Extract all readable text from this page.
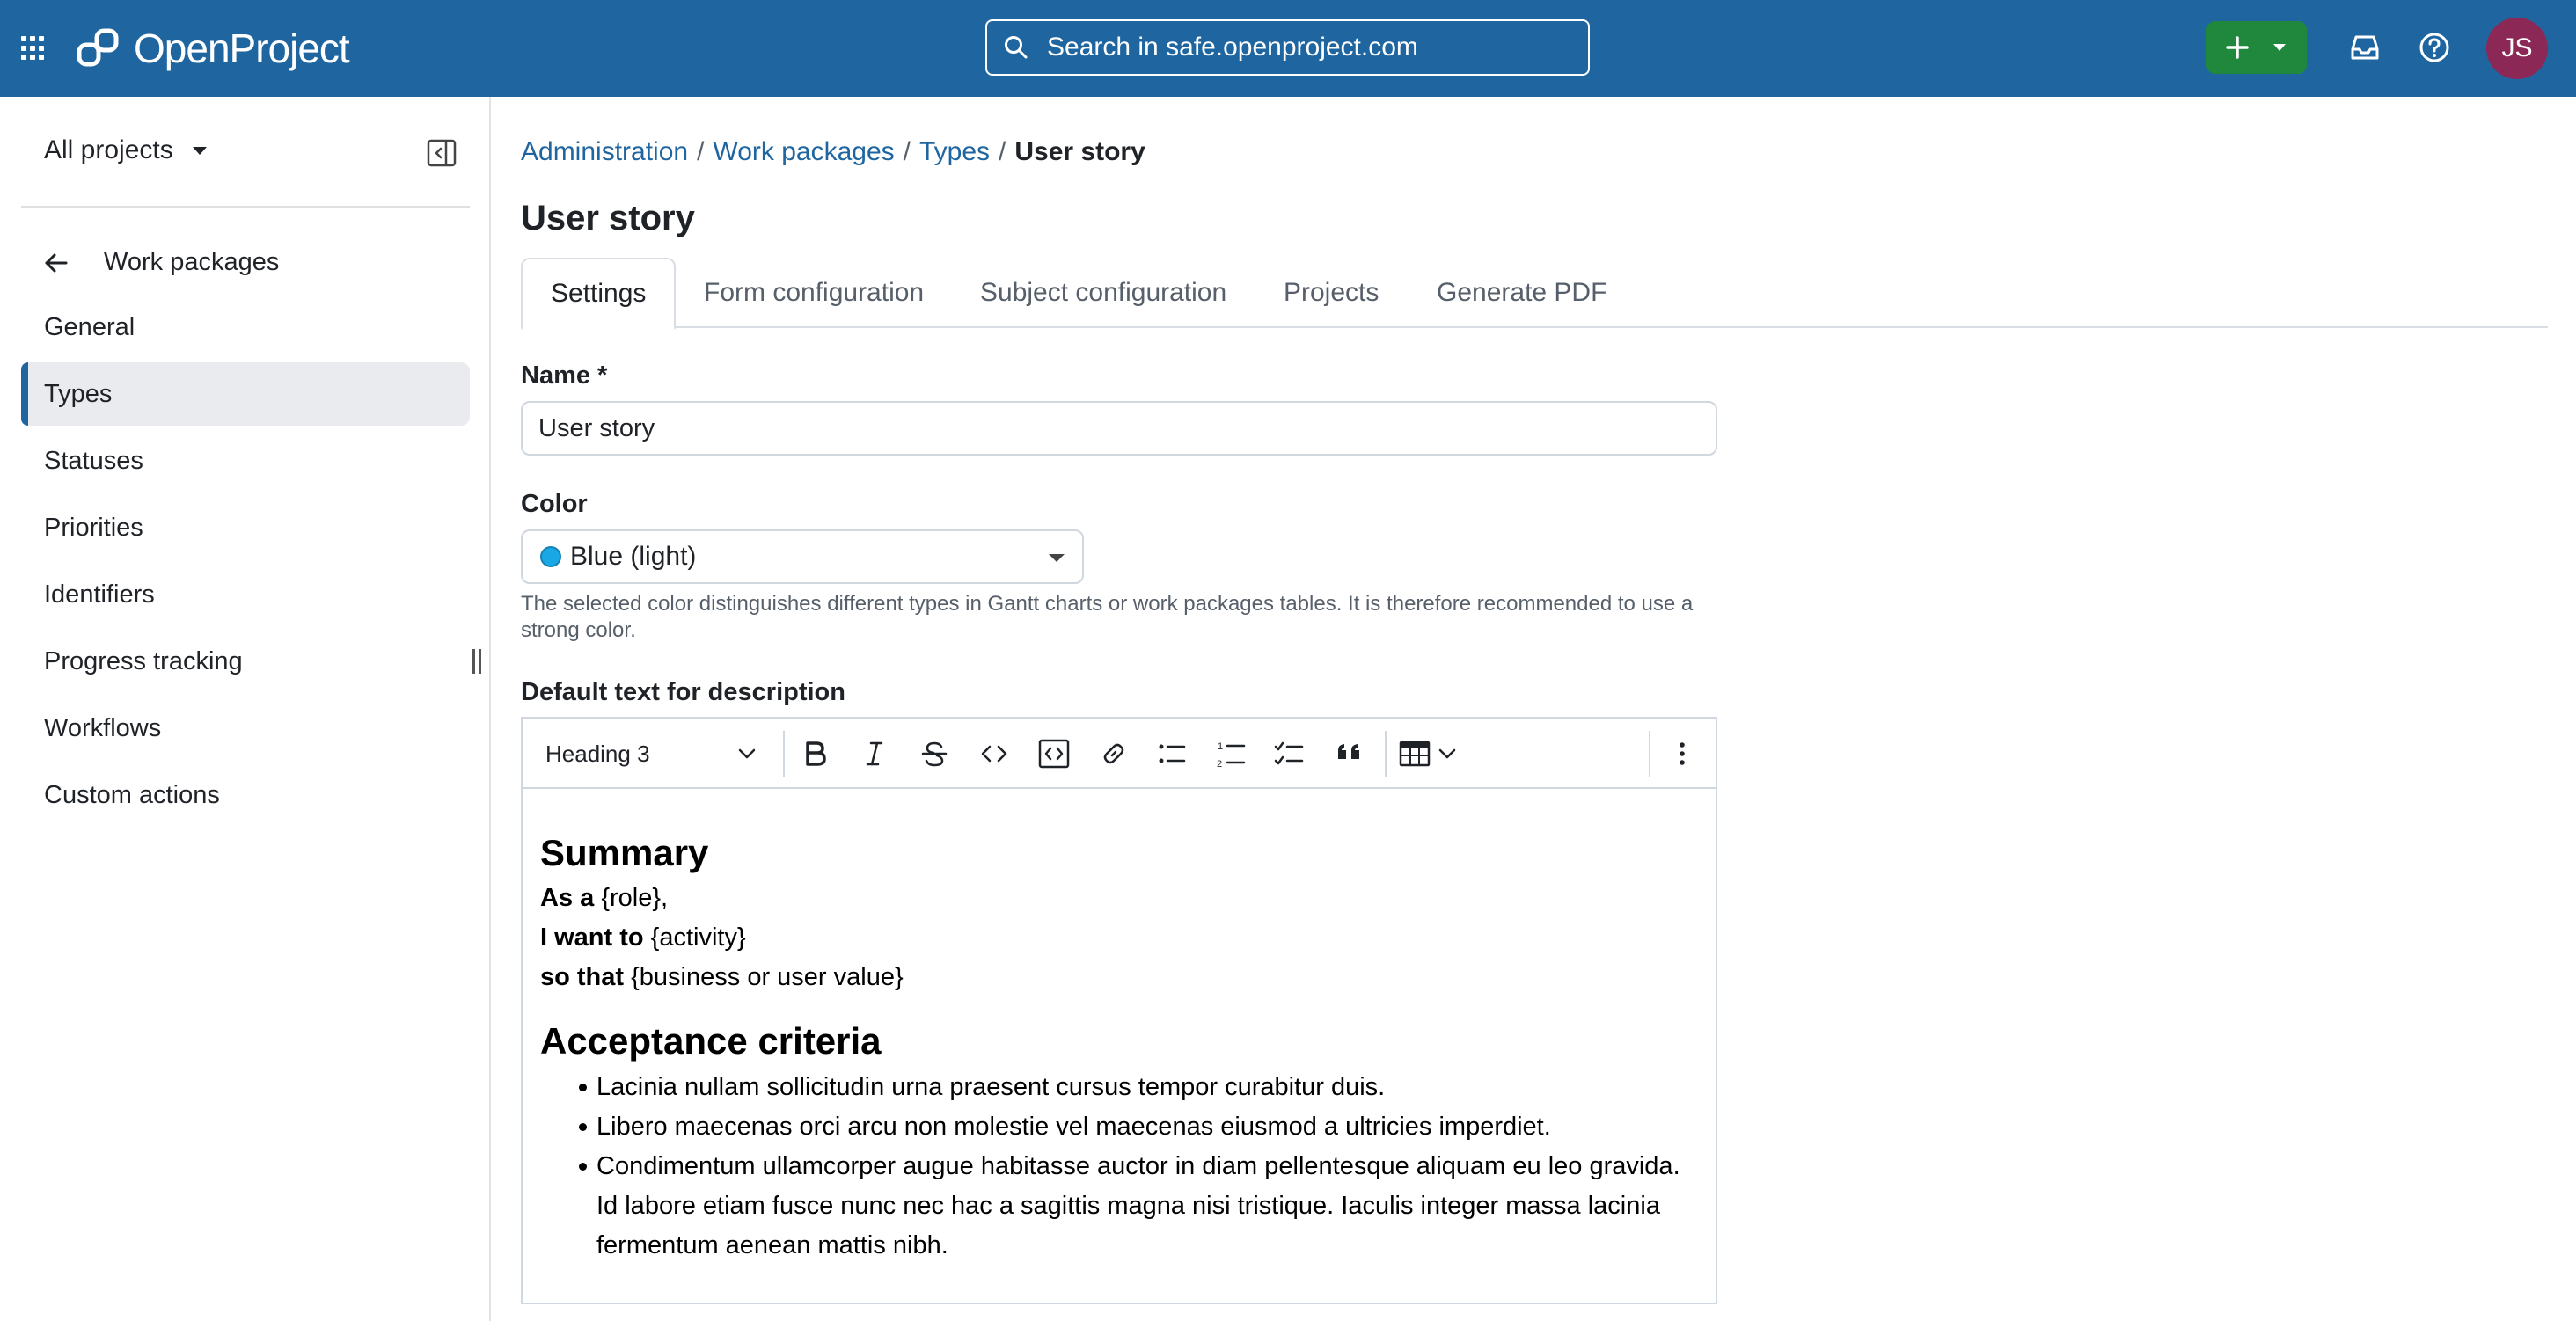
OpenProject	Search in safe.openproject.com	JS
All projects
Work packages
General
Types
Statuses
Priorities
Identifiers
Progress tracking
Workflows
Custom actions
Administration / Work packages / Types / User story
User story
Settings	Form configuration Subject configuration Projects Generate PDF
Name *
User story
Color
Blue (light)
The selected color distinguishes different types in Gantt charts or work packages tables. It is therefore recommended to use a strong color.
Default text for description
Heading 3	1
2
Summary

As a {role},

I want to {activity}

so that {business or user value}

Acceptance criteria
Lacinia nullam sollicitudin urna praesent cursus tempor curabitur duis.
Libero maecenas orci arcu non molestie vel maecenas eiusmod a ultricies imperdiet.
Condimentum ullamcorper augue habitasse auctor in diam pellentesque aliquam eu leo gravida. Id labore etiam fusce nunc nec hac a sagittis magna nisi tristique. Iaculis integer massa lacinia fermentum aenean mattis nibh.
